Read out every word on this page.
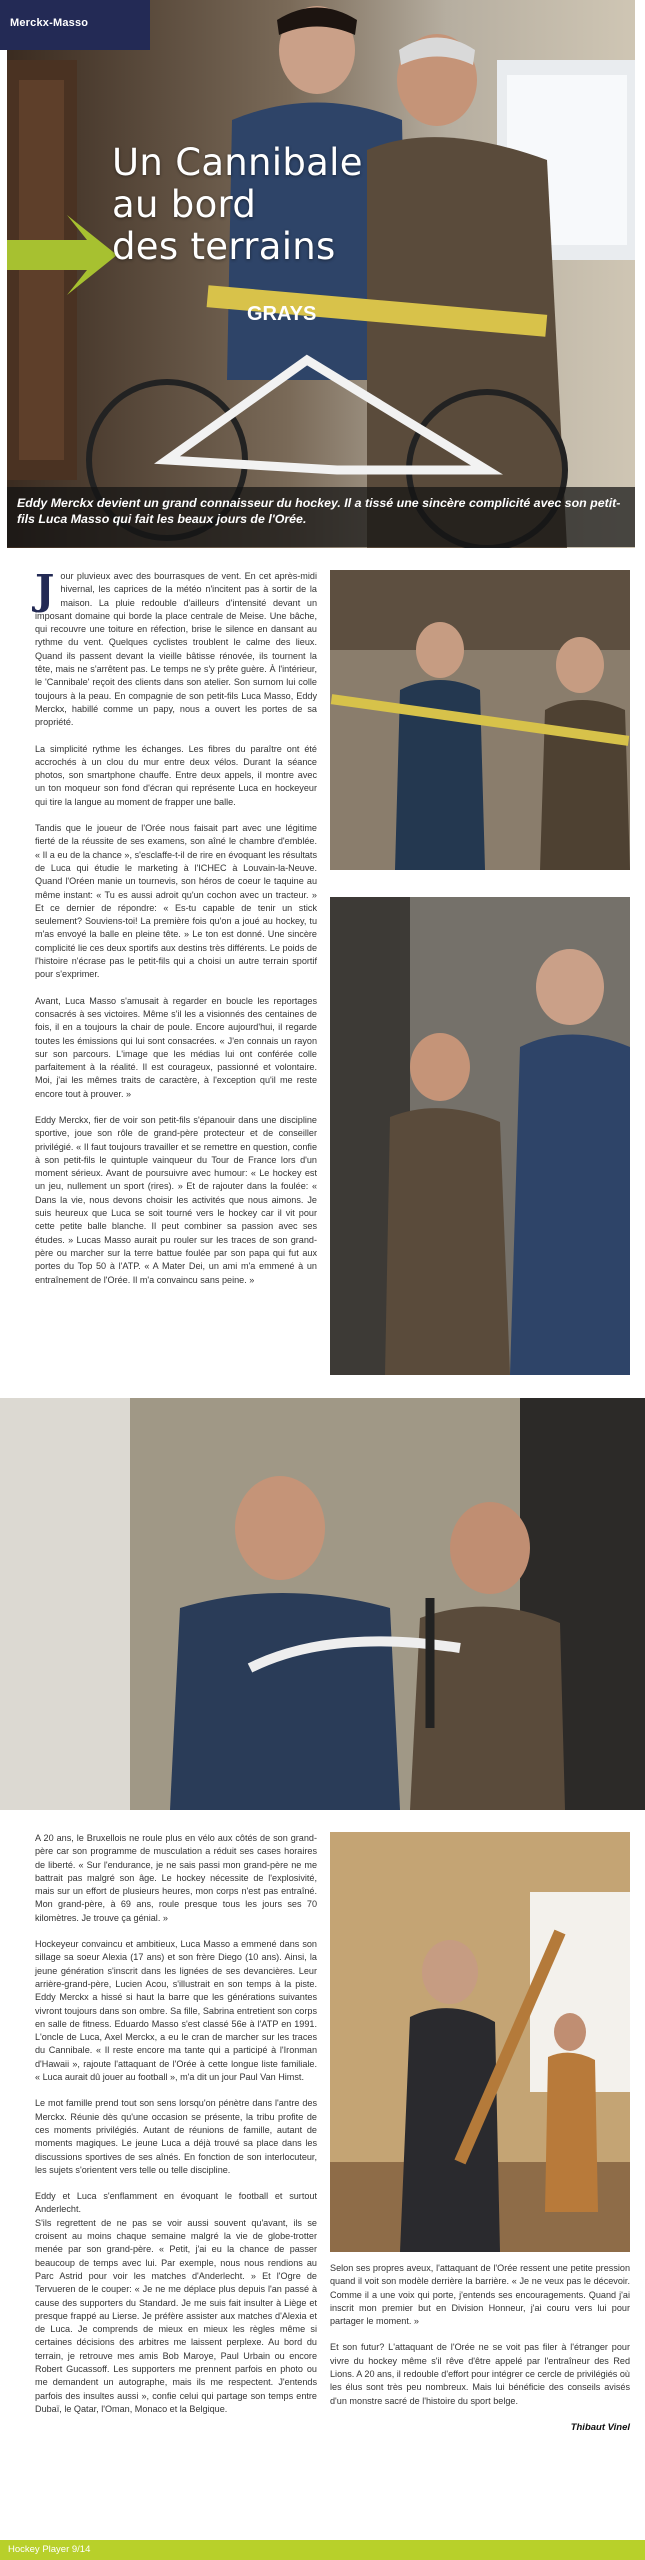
Merckx-Masso
GRAYS
Un Cannibale
au bord
des terrains
Eddy Merckx devient un grand connaisseur du hockey. Il a tissé une sincère complicité avec son petit-fils Luca Masso qui fait les beaux jours de l'Orée.

Jour pluvieux avec des bourrasques de vent. En cet après-midi hivernal, les caprices de la météo n'incitent pas à sortir de la maison. La pluie redouble d'ailleurs d'intensité devant un imposant domaine qui borde la place centrale de Meise. Une bâche, qui recouvre une toiture en réfection, brise le silence en dansant au rythme du vent. Quelques cyclistes troublent le calme des lieux. Quand ils passent devant la vieille bâtisse rénovée, ils tournent la tête, mais ne s'arrêtent pas. Le temps ne s'y prête guère. À l'intérieur, le 'Cannibale' reçoit des clients dans son atelier. Son surnom lui colle toujours à la peau. En compagnie de son petit-fils Luca Masso, Eddy Merckx, habillé comme un papy, nous a ouvert les portes de sa propriété.

La simplicité rythme les échanges. Les fibres du paraître ont été accrochés à un clou du mur entre deux vélos. Durant la séance photos, son smartphone chauffe. Entre deux appels, il montre avec un ton moqueur son fond d'écran qui représente Luca en hockeyeur qui tire la langue au moment de frapper une balle.

Tandis que le joueur de l'Orée nous faisait part avec une légitime fierté de la réussite de ses examens, son aîné le chambre d'emblée. « Il a eu de la chance », s'esclaffe-t-il de rire en évoquant les résultats de Luca qui étudie le marketing à l'ICHEC à Louvain-la-Neuve. Quand l'Oréen manie un tournevis, son héros de coeur le taquine au même instant: « Tu es aussi adroit qu'un cochon avec un tracteur. » Et ce dernier de répondre: « Es-tu capable de tenir un stick seulement? Souviens-toi! La première fois qu'on a joué au hockey, tu m'as envoyé la balle en pleine tête. » Le ton est donné. Une sincère complicité lie ces deux sportifs aux destins très différents. Le poids de l'histoire n'écrase pas le petit-fils qui a choisi un autre terrain sportif pour s'exprimer.

Avant, Luca Masso s'amusait à regarder en boucle les reportages consacrés à ses victoires. Même s'il les a visionnés des centaines de fois, il en a toujours la chair de poule. Encore aujourd'hui, il regarde toutes les émissions qui lui sont consacrées. « J'en connais un rayon sur son parcours. L'image que les médias lui ont conférée colle parfaitement à la réalité. Il est courageux, passionné et volontaire. Moi, j'ai les mêmes traits de caractère, à l'exception qu'il me reste encore tout à prouver. »

Eddy Merckx, fier de voir son petit-fils s'épanouir dans une discipline sportive, joue son rôle de grand-père protecteur et de conseiller privilégié. « Il faut toujours travailler et se remettre en question, confie à son petit-fils le quintuple vainqueur du Tour de France lors d'un moment sérieux. Avant de poursuivre avec humour: « Le hockey est un jeu, nullement un sport (rires). » Et de rajouter dans la foulée: « Dans la vie, nous devons choisir les activités que nous aimons. Je suis heureux que Luca se soit tourné vers le hockey car il vit pour cette petite balle blanche. Il peut combiner sa passion avec ses études. » Lucas Masso aurait pu rouler sur les traces de son grand-père ou marcher sur la terre battue foulée par son papa qui fut aux portes du Top 50 à l'ATP. « A Mater Dei, un ami m'a emmené à un entraînement de l'Orée. Il m'a convaincu sans peine. »

A 20 ans, le Bruxellois ne roule plus en vélo aux côtés de son grand-père car son programme de musculation a réduit ses cases horaires de liberté. « Sur l'endurance, je ne sais passi mon grand-père ne me battrait pas malgré son âge. Le hockey nécessite de l'explosivité, mais sur un effort de plusieurs heures, mon corps n'est pas entraîné. Mon grand-père, à 69 ans, roule presque tous les jours ses 70 kilomètres. Je trouve ça génial. »

Hockeyeur convaincu et ambitieux, Luca Masso a emmené dans son sillage sa soeur Alexia (17 ans) et son frère Diego (10 ans). Ainsi, la jeune génération s'inscrit dans les lignées de ses devancières. Leur arrière-grand-père, Lucien Acou, s'illustrait en son temps à la piste. Eddy Merckx a hissé si haut la barre que les générations suivantes vivront toujours dans son ombre. Sa fille, Sabrina entretient son corps en salle de fitness. Eduardo Masso s'est classé 56e à l'ATP en 1991. L'oncle de Luca, Axel Merckx, a eu le cran de marcher sur les traces du Cannibale. « Il reste encore ma tante qui a participé à l'Ironman d'Hawaii », rajoute l'attaquant de l'Orée à cette longue liste familiale. « Luca aurait dû jouer au football », m'a dit un jour Paul Van Himst.

Le mot famille prend tout son sens lorsqu'on pénètre dans l'antre des Merckx. Réunie dès qu'une occasion se présente, la tribu profite de ces moments privilégiés. Autant de réunions de famille, autant de moments magiques. Le jeune Luca a déjà trouvé sa place dans les discussions sportives de ses aînés. En fonction de son interlocuteur, les sujets s'orientent vers telle ou telle discipline.

Eddy et Luca s'enflamment en évoquant le football et surtout Anderlecht.

S'ils regrettent de ne pas se voir aussi souvent qu'avant, ils se croisent au moins chaque semaine malgré la vie de globe-trotter menée par son grand-père. « Petit, j'ai eu la chance de passer beaucoup de temps avec lui. Par exemple, nous nous rendions au Parc Astrid pour voir les matches d'Anderlecht. » Et l'Ogre de Tervueren de le couper: « Je ne me déplace plus depuis l'an passé à cause des supporters du Standard. Je me suis fait insulter à Liège et presque frappé au Lierse. Je préfère assister aux matches d'Alexia et de Luca. Je comprends de mieux en mieux les règles même si certaines décisions des arbitres me laissent perplexe. Au bord du terrain, je retrouve mes amis Bob Maroye, Paul Urbain ou encore Robert Gucassoff. Les supporters me prennent parfois en photo ou me demandent un autographe, mais ils me respectent. J'entends parfois des insultes aussi », confie celui qui partage son temps entre Dubaï, le Qatar, l'Oman, Monaco et la Belgique.

Selon ses propres aveux, l'attaquant de l'Orée ressent une petite pression quand il voit son modèle derrière la barrière. « Je ne veux pas le décevoir. Comme il a une voix qui porte, j'entends ses encouragements. Quand j'ai inscrit mon premier but en Division Honneur, j'ai couru vers lui pour partager le moment. »

Et son futur? L'attaquant de l'Orée ne se voit pas filer à l'étranger pour vivre du hockey même s'il rêve d'être appelé par l'entraîneur des Red Lions. A 20 ans, il redouble d'effort pour intégrer ce cercle de privilégiés où les élus sont très peu nombreux. Mais lui bénéficie des conseils avisés d'un monstre sacré de l'histoire du sport belge.

Thibaut Vinel

Hockey Player 9/14
